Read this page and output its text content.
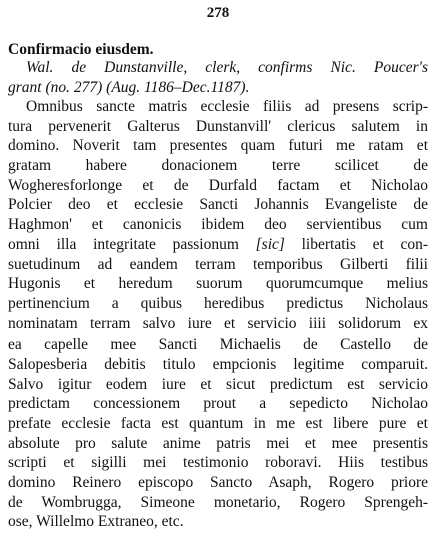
278
Confirmacio eiusdem.
Wal. de Dunstanville, clerk, confirms Nic. Poucer's
grant (no. 277) (Aug. 1186–Dec.1187).
Omnibus sancte matris ecclesie filiis ad presens scrip-
tura pervenerit Galterus Dunstanvill' clericus salutem in
domino. Noverit tam presentes quam futuri me ratam et
gratam habere donacionem terre scilicet de
Wogheresforlonge et de Durfald factam et Nicholao
Polcier deo et ecclesie Sancti Johannis Evangeliste de
Haghmon' et canonicis ibidem deo servientibus cum
omni illa integritate passionum [sic] libertatis et con-
suetudinum ad eandem terram temporibus Gilberti filii
Hugonis et heredum suorum quorumcumque melius
pertinencium a quibus heredibus predictus Nicholaus
nominatam terram salvo iure et servicio iiii solidorum ex
ea capelle mee Sancti Michaelis de Castello de
Salopesberia debitis titulo empcionis legitime comparuit.
Salvo igitur eodem iure et sicut predictum est servicio
predictam concessionem prout a sepedicto Nicholao
prefate ecclesie facta est quantum in me est libere pure et
absolute pro salute anime patris mei et mee presentis
scripti et sigilli mei testimonio roboravi. Hiis testibus
domino Reinero episcopo Sancto Asaph, Rogero priore
de Wombrugga, Simeone monetario, Rogero Sprengeh-
ose, Willelmo Extraneo, etc.
